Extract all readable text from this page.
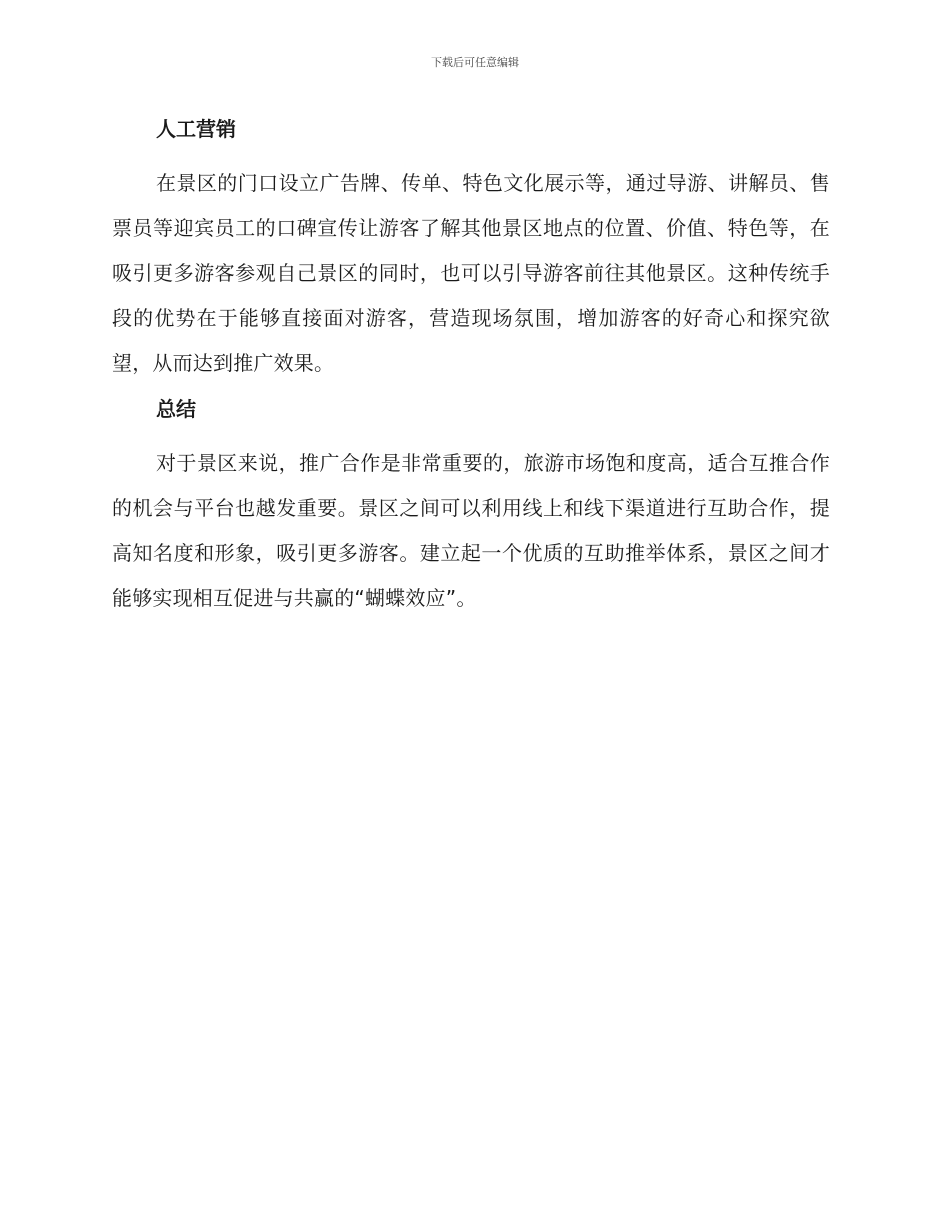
下载后可任意编辑

人工营销

在景区的门口设立广告牌、传单、特色文化展示等，通过导游、讲解员、售票员等迎宾员工的口碑宣传让游客了解其他景区地点的位置、价值、特色等，在吸引更多游客参观自己景区的同时，也可以引导游客前往其他景区。这种传统手段的优势在于能够直接面对游客，营造现场氛围，增加游客的好奇心和探究欲望，从而达到推广效果。

总结

对于景区来说，推广合作是非常重要的，旅游市场饱和度高，适合互推合作的机会与平台也越发重要。景区之间可以利用线上和线下渠道进行互助合作，提高知名度和形象，吸引更多游客。建立起一个优质的互助推举体系，景区之间才能够实现相互促进与共赢的“蝴蝶效应”。
